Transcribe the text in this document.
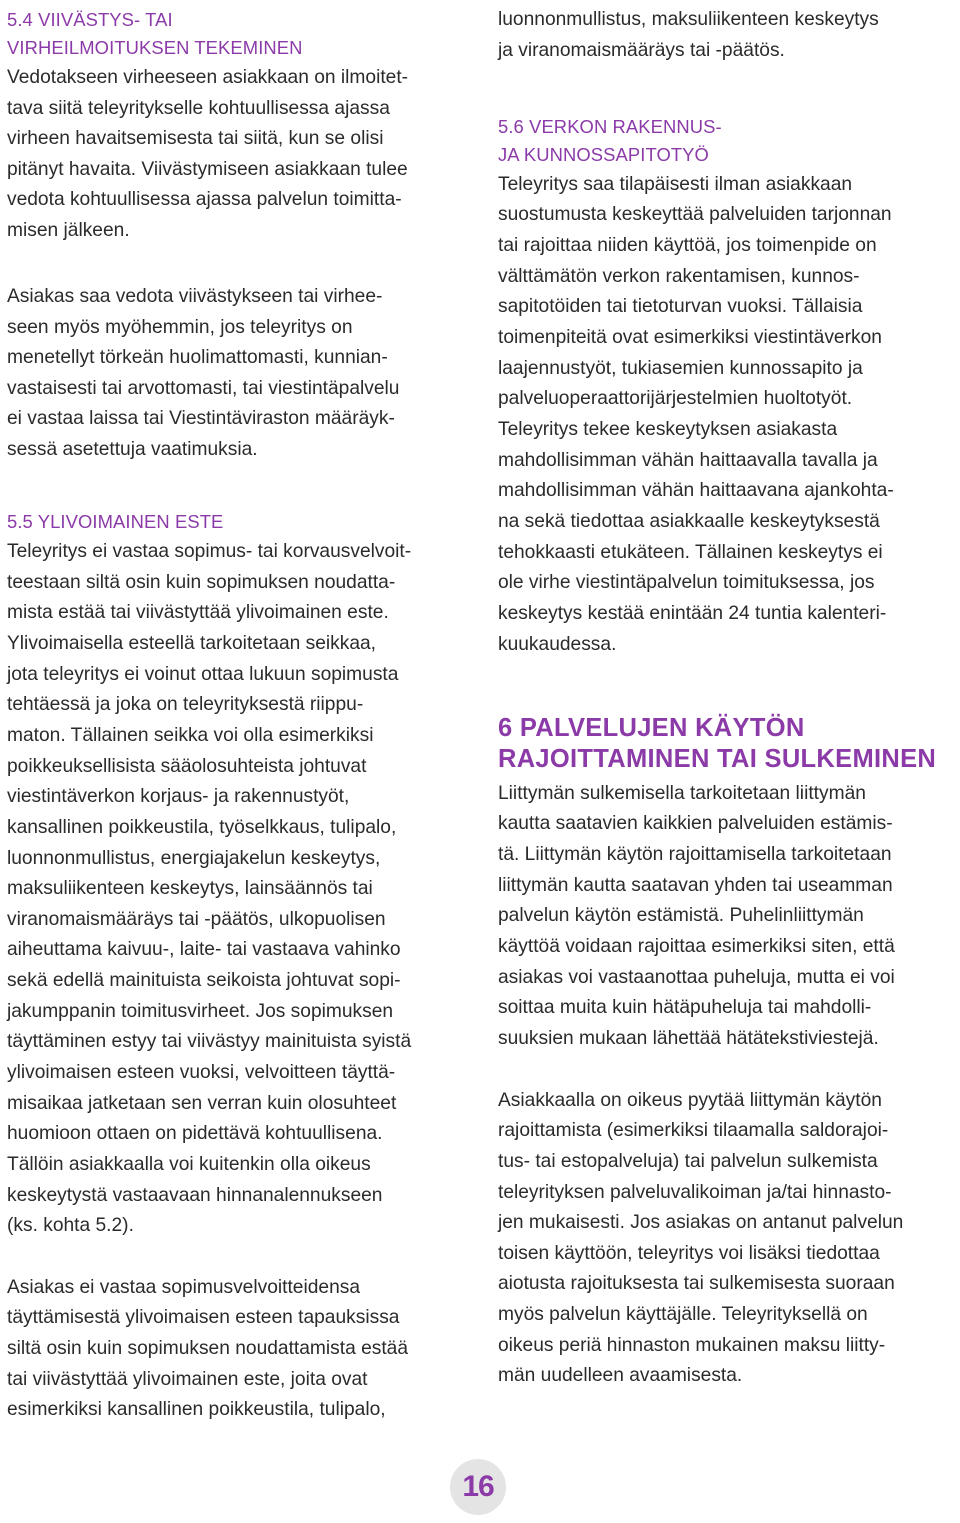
5.4 VIIVÄSTYS- TAI
VIRHEILMOITUKSEN TEKEMINEN
Vedotakseen virheeseen asiakkaan on ilmoitet-
tava siitä teleyritykselle kohtuullisessa ajassa
virheen havaitsemisesta tai siitä, kun se olisi
pitänyt havaita. Viivästymiseen asiakkaan tulee
vedota kohtuullisessa ajassa palvelun toimitta-
misen jälkeen.
Asiakas saa vedota viivästykseen tai virhee-
seen myös myöhemmin, jos teleyritys on
menetellyt törkeän huolimattomasti, kunnian-
vastaisesti tai arvottomasti, tai viestintäpalvelu
ei vastaa laissa tai Viestintäviraston määräyk-
sessä asetettuja vaatimuksia.
5.5 YLIVOIMAINEN ESTE
Teleyritys ei vastaa sopimus- tai korvausvelvoit-
teestaan siltä osin kuin sopimuksen noudatta-
mista estää tai viivästyttää ylivoimainen este.
Ylivoimaisella esteellä tarkoitetaan seikkaa,
jota teleyritys ei voinut ottaa lukuun sopimusta
tehtäessä ja joka on teleyrityksestä riippu-
maton. Tällainen seikka voi olla esimerkiksi
poikkeuksellisista sääolosuhteista johtuvat
viestintäverkon korjaus- ja rakennustyöt,
kansallinen poikkeustila, työselkkaus, tulipalo,
luonnonmullistus, energiajakelun keskeytys,
maksuliikenteen keskeytys, lainsäännös tai
viranomaismääräys tai -päätös, ulkopuolisen
aiheuttama kaivuu-, laite- tai vastaava vahinko
sekä edellä mainituista seikoista johtuvat sopi-
jakumppanin toimitusvirheet. Jos sopimuksen
täyttäminen estyy tai viivästyy mainituista syistä
ylivoimaisen esteen vuoksi, velvoitteen täyttä-
misaikaa jatketaan sen verran kuin olosuhteet
huomioon ottaen on pidettävä kohtuullisena.
Tällöin asiakkaalla voi kuitenkin olla oikeus
keskeytystä vastaavaan hinnanalennukseen
(ks. kohta 5.2).
Asiakas ei vastaa sopimusvelvoitteidensa
täyttämisestä ylivoimaisen esteen tapauksissa
siltä osin kuin sopimuksen noudattamista estää
tai viivästyttää ylivoimainen este, joita ovat
esimerkiksi kansallinen poikkeustila, tulipalo,
luonnonmullistus, maksuliikenteen keskeytys
ja viranomaismääräys tai -päätös.
5.6 VERKON RAKENNUS-
JA KUNNOSSAPITOTYÖ
Teleyritys saa tilapäisesti ilman asiakkaan
suostumusta keskeyttää palveluiden tarjonnan
tai rajoittaa niiden käyttöä, jos toimenpide on
välttämätön verkon rakentamisen, kunnos-
sapitotöiden tai tietoturvan vuoksi. Tällaisia
toimenpiteitä ovat esimerkiksi viestintäverkon
laajennustyöt, tukiasemien kunnossapito ja
palveluoperaattorijärjestelmien huoltotyöt.
Teleyritys tekee keskeytyksen asiakasta
mahdollisimman vähän haittaavalla tavalla ja
mahdollisimman vähän haittaavana ajankohta-
na sekä tiedottaa asiakkaalle keskeytyksestä
tehokkaasti etukäteen. Tällainen keskeytys ei
ole virhe viestintäpalvelun toimituksessa, jos
keskeytys kestää enintään 24 tuntia kalenteri-
kuukaudessa.
6 PALVELUJEN KÄYTÖN
RAJOITTAMINEN TAI SULKEMINEN
Liittymän sulkemisella tarkoitetaan liittymän
kautta saatavien kaikkien palveluiden estämis-
tä. Liittymän käytön rajoittamisella tarkoitetaan
liittymän kautta saatavan yhden tai useamman
palvelun käytön estämistä. Puhelinliittymän
käyttöä voidaan rajoittaa esimerkiksi siten, että
asiakas voi vastaanottaa puheluja, mutta ei voi
soittaa muita kuin hätäpuheluja tai mahdolli-
suuksien mukaan lähettää hätätekstiviestejä.
Asiakkaalla on oikeus pyytää liittymän käytön
rajoittamista (esimerkiksi tilaamalla saldorajoi-
tus- tai estopalveluja) tai palvelun sulkemista
teleyrityksen palveluvalikoiman ja/tai hinnasto-
jen mukaisesti. Jos asiakas on antanut palvelun
toisen käyttöön, teleyritys voi lisäksi tiedottaa
aiotusta rajoituksesta tai sulkemisesta suoraan
myös palvelun käyttäjälle. Teleyrityksellä on
oikeus periä hinnaston mukainen maksu liitty-
män uudelleen avaamisesta.
16
